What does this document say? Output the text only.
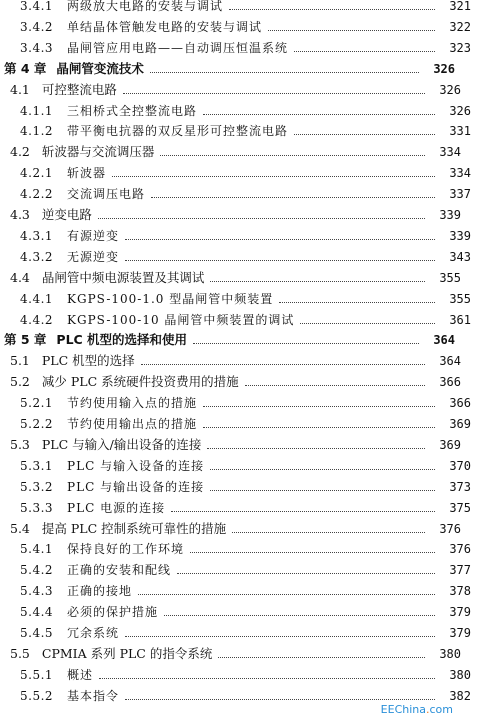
3.4.1 两级放大电路的安装与调试	321
3.4.2 单结晶体管触发电路的安装与调试	322
3.4.3 晶闸管应用电路——自动调压恒温系统	323
第 4 章 晶闸管变流技术	326
4.1 可控整流电路	326
4.1.1 三相桥式全控整流电路	326
4.1.2 带平衡电抗器的双反星形可控整流电路	331
4.2 斩波器与交流调压器	334
4.2.1 斩波器	334
4.2.2 交流调压电路	337
4.3 逆变电路	339
4.3.1 有源逆变	339
4.3.2 无源逆变	343
4.4 晶闸管中频电源装置及其调试	355
4.4.1 KGPS-100-1.0 型晶闸管中频装置	355
4.4.2 KGPS-100-10 晶闸管中频装置的调试	361
第 5 章 PLC 机型的选择和使用	364
5.1 PLC 机型的选择	364
5.2 减少 PLC 系统硬件投资费用的措施	366
5.2.1 节约使用输入点的措施	366
5.2.2 节约使用输出点的措施	369
5.3 PLC 与输入/输出设备的连接	369
5.3.1 PLC 与输入设备的连接	370
5.3.2 PLC 与输出设备的连接	373
5.3.3 PLC 电源的连接	375
5.4 提高 PLC 控制系统可靠性的措施	376
5.4.1 保持良好的工作环境	376
5.4.2 正确的安装和配线	377
5.4.3 正确的接地	378
5.4.4 必须的保护措施	379
5.4.5 冗余系统	379
5.5 CPMIA 系列 PLC 的指令系统	380
5.5.1 概述	380
5.5.2 基本指令	382
EEChina.com
